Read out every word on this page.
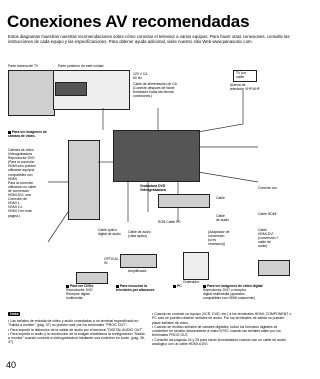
Conexiones AV recomendadas
Estos diagramas muestran nuestras recomendaciones sobre cómo conectar el televisor a varios equipos. Para hacer otras conexiones, consulte las instrucciones de cada equipo y las especificaciones. Para obtener ayuda adicional, visite nuestro sitio Web www.panasonic.com.
Parte trasera del TV	Parte posterior de este unidad
120 V CA
60 Hz
Cable de alimentación de CA
(Conecte después de hacer
terminado todas las demás
conexiones.)
TV por
cable
Antena de
televisión VHF/UHF
Grabadora DVD
Videograbadora
Conecte con
Cable HDMI
Cable
Cable
de audio
(Adaptador de
conversión
(si es
necesario))
Cable
HDMI-DVI
(conversión +
cable de
audio)
RGB Cable PC
Cable óptico
digital de audio
Cable de audio
(vista aptico)
OPTICAL
IN
Amplificador
Ordenador
Para ver imágenes de cámara de video.
Cámara de video
Videograbadora
Reproductor DVD
(Para la conexión
HDMI solo pueden
utilizarse equipos
compatibles con
HDMI.
Para la conexión
utilizando un cable
de conversión
HDMI-DVI, vea
Conexión de
HDMI 1,
HDMI 2 o
HDMI 3 en esta
página.)
Para ver DVDs
Reproductor DVD
Receptor digital
multimedia
Para escuchar la televisión por altavoces
PC	Para ver imágenes de video digital
Reproductor DVD o receptor
digital multimedia (aparatos
compatibles con HDMI solamente)
Nota
• Las señales de entrada de video y audio conectadas a un terminal especificado en "Salida a monitor" (pág. 37) no pueden salir por los terminales "PROG OUT".
• Para impedir la distorsión de la salida de audio por el terminal "DIGITAL AUDIO OUT".
• Para impedir el audio y la recolección de la imagen establezca la configuración "Salida a monitor" cuando conecte a videograbadora mediante una conexión en bucle. (pág. 36, 37)
• Cuando se conecte un equipo (VCR, DVD, etc.) a los terminales HDMI, COMPONENT o PC solo se pueden obtener señales de audio. Por los terminales de salida no pueden pasar señales de video.
• Cuando se reciban señales de canales digitales, todos los formatos digitales se convierten en sentido descendente a video NTSC cuando las señales salen por los terminales PROG OUT.
• Consulte las páginas 24 y 25 para hacer la instalación cuando use un cable de audio analógico con un cable HDMI a DVI.
40
